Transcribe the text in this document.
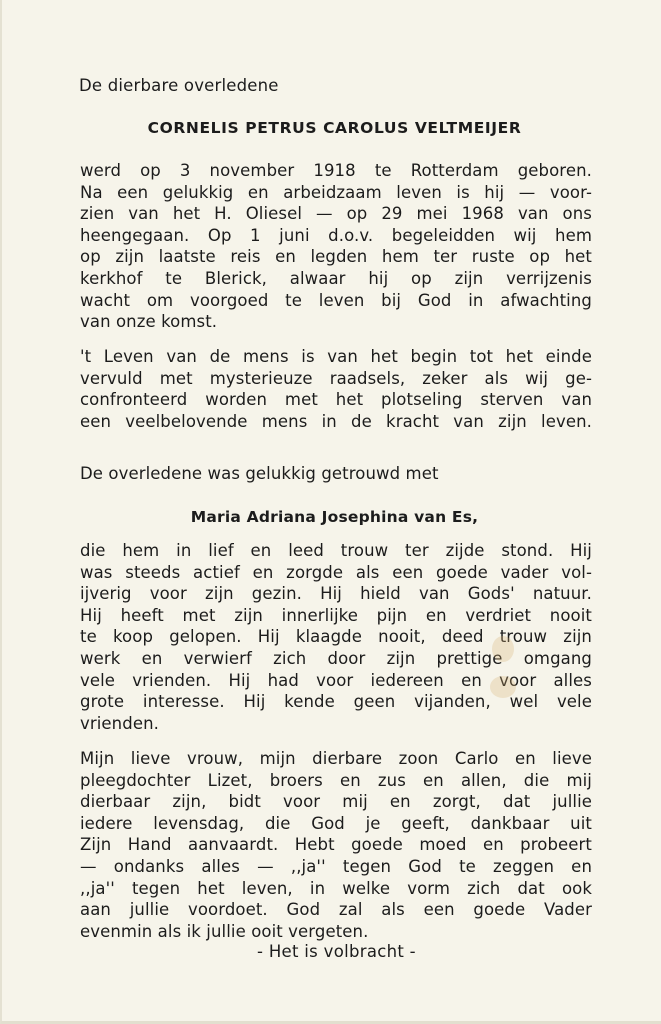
De dierbare overledene

CORNELIS PETRUS CAROLUS VELTMEIJER

werd op 3 november 1918 te Rotterdam geboren.
Na een gelukkig en arbeidzaam leven is hij — voor-
zien van het H. Oliesel — op 29 mei 1968 van ons
heengegaan. Op 1 juni d.o.v. begeleidden wij hem
op zijn laatste reis en legden hem ter ruste op het
kerkhof te Blerick, alwaar hij op zijn verrijzenis
wacht om voorgoed te leven bij God in afwachting
van onze komst.
't Leven van de mens is van het begin tot het einde
vervuld met mysterieuze raadsels, zeker als wij ge-
confronteerd worden met het plotseling sterven van
een veelbelovende mens in de kracht van zijn leven.

De overledene was gelukkig getrouwd met

Maria Adriana Josephina van Es,

die hem in lief en leed trouw ter zijde stond. Hij
was steeds actief en zorgde als een goede vader vol-
ijverig voor zijn gezin. Hij hield van Gods' natuur.
Hij heeft met zijn innerlijke pijn en verdriet nooit
te koop gelopen. Hij klaagde nooit, deed trouw zijn
werk en verwierf zich door zijn prettige omgang
vele vrienden. Hij had voor iedereen en voor alles
grote interesse. Hij kende geen vijanden, wel vele
vrienden.
Mijn lieve vrouw, mijn dierbare zoon Carlo en lieve
pleegdochter Lizet, broers en zus en allen, die mij
dierbaar zijn, bidt voor mij en zorgt, dat jullie
iedere levensdag, die God je geeft, dankbaar uit
Zijn Hand aanvaardt. Hebt goede moed en probeert
— ondanks alles — ,,ja'' tegen God te zeggen en
,,ja'' tegen het leven, in welke vorm zich dat ook
aan jullie voordoet. God zal als een goede Vader
evenmin als ik jullie ooit vergeten.

- Het is volbracht -
